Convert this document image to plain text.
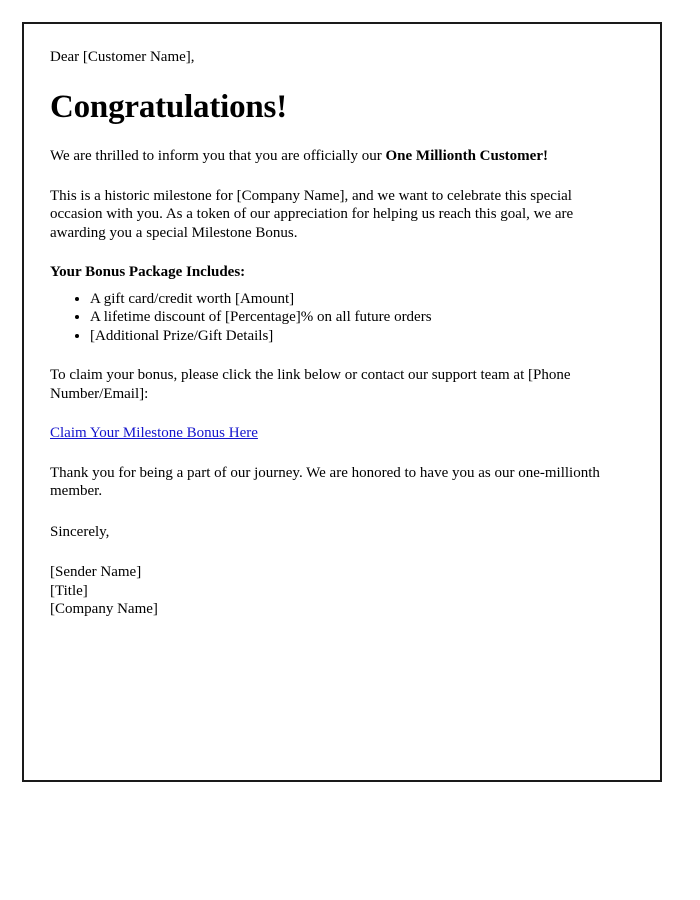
Dear [Customer Name],

Congratulations!

We are thrilled to inform you that you are officially our One Millionth Customer!

This is a historic milestone for [Company Name], and we want to celebrate this special occasion with you. As a token of our appreciation for helping us reach this goal, we are awarding you a special Milestone Bonus.

Your Bonus Package Includes:

• A gift card/credit worth [Amount]
• A lifetime discount of [Percentage]% on all future orders
• [Additional Prize/Gift Details]

To claim your bonus, please click the link below or contact our support team at [Phone Number/Email]:

Claim Your Milestone Bonus Here

Thank you for being a part of our journey. We are honored to have you as our one-millionth member.

Sincerely,

[Sender Name]
[Title]
[Company Name]
